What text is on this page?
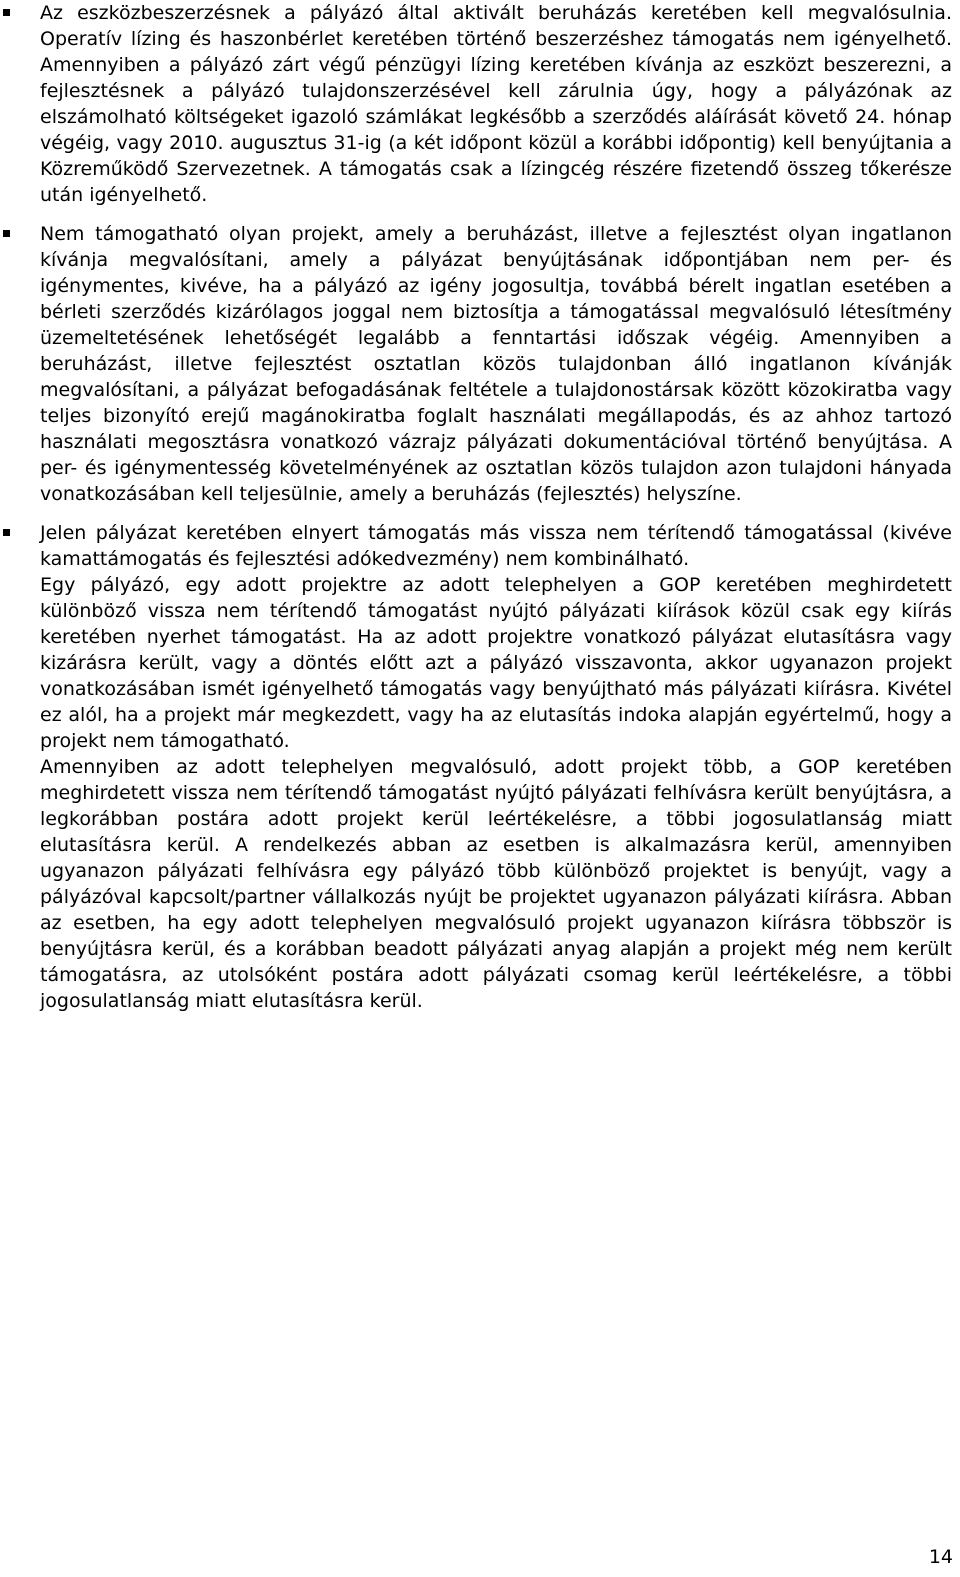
Az eszközbeszerzésnek a pályázó által aktivált beruházás keretében kell megvalósulnia. Operatív lízing és haszonbérlet keretében történő beszerzéshez támogatás nem igényelhető. Amennyiben a pályázó zárt végű pénzügyi lízing keretében kívánja az eszközt beszerezni, a fejlesztésnek a pályázó tulajdonszerzésével kell zárulnia úgy, hogy a pályázónak az elszámolható költségeket igazoló számlákat legkésőbb a szerződés aláírását követő 24. hónap végéig, vagy 2010. augusztus 31-ig (a két időpont közül a korábbi időpontig) kell benyújtania a Közreműködő Szervezetnek. A támogatás csak a lízingcég részére fizetendő összeg tőkerésze után igényelhető.

Nem támogatható olyan projekt, amely a beruházást, illetve a fejlesztést olyan ingatlanon kívánja megvalósítani, amely a pályázat benyújtásának időpontjában nem per- és igénymentes, kivéve, ha a pályázó az igény jogosultja, továbbá bérelt ingatlan esetében a bérleti szerződés kizárólagos joggal nem biztosítja a támogatással megvalósuló létesítmény üzemeltetésének lehetőségét legalább a fenntartási időszak végéig. Amennyiben a beruházást, illetve fejlesztést osztatlan közös tulajdonban álló ingatlanon kívánják megvalósítani, a pályázat befogadásának feltétele a tulajdonostársak között közokiratba vagy teljes bizonyító erejű magánokiratba foglalt használati megállapodás, és az ahhoz tartozó használati megosztásra vonatkozó vázrajz pályázati dokumentációval történő benyújtása. A per- és igénymentesség követelményének az osztatlan közös tulajdon azon tulajdoni hányada vonatkozásában kell teljesülnie, amely a beruházás (fejlesztés) helyszíne.

Jelen pályázat keretében elnyert támogatás más vissza nem térítendő támogatással (kivéve kamattámogatás és fejlesztési adókedvezmény) nem kombinálható.

Egy pályázó, egy adott projektre az adott telephelyen a GOP keretében meghirdetett különböző vissza nem térítendő támogatást nyújtó pályázati kiírások közül csak egy kiírás keretében nyerhet támogatást. Ha az adott projektre vonatkozó pályázat elutasításra vagy kizárásra került, vagy a döntés előtt azt a pályázó visszavonta, akkor ugyanazon projekt vonatkozásában ismét igényelhető támogatás vagy benyújtható más pályázati kiírásra. Kivétel ez alól, ha a projekt már megkezdett, vagy ha az elutasítás indoka alapján egyértelmű, hogy a projekt nem támogatható.

Amennyiben az adott telephelyen megvalósuló, adott projekt több, a GOP keretében meghirdetett vissza nem térítendő támogatást nyújtó pályázati felhívásra került benyújtásra, a legkorábban postára adott projekt kerül leértékelésre, a többi jogosulatlanság miatt elutasításra kerül. A rendelkezés abban az esetben is alkalmazásra kerül, amennyiben ugyanazon pályázati felhívásra egy pályázó több különböző projektet is benyújt, vagy a pályázóval kapcsolt/partner vállalkozás nyújt be projektet ugyanazon pályázati kiírásra. Abban az esetben, ha egy adott telephelyen megvalósuló projekt ugyanazon kiírásra többször is benyújtásra kerül, és a korábban beadott pályázati anyag alapján a projekt még nem került támogatásra, az utolsóként postára adott pályázati csomag kerül leértékelésre, a többi jogosulatlanság miatt elutasításra kerül.

14
